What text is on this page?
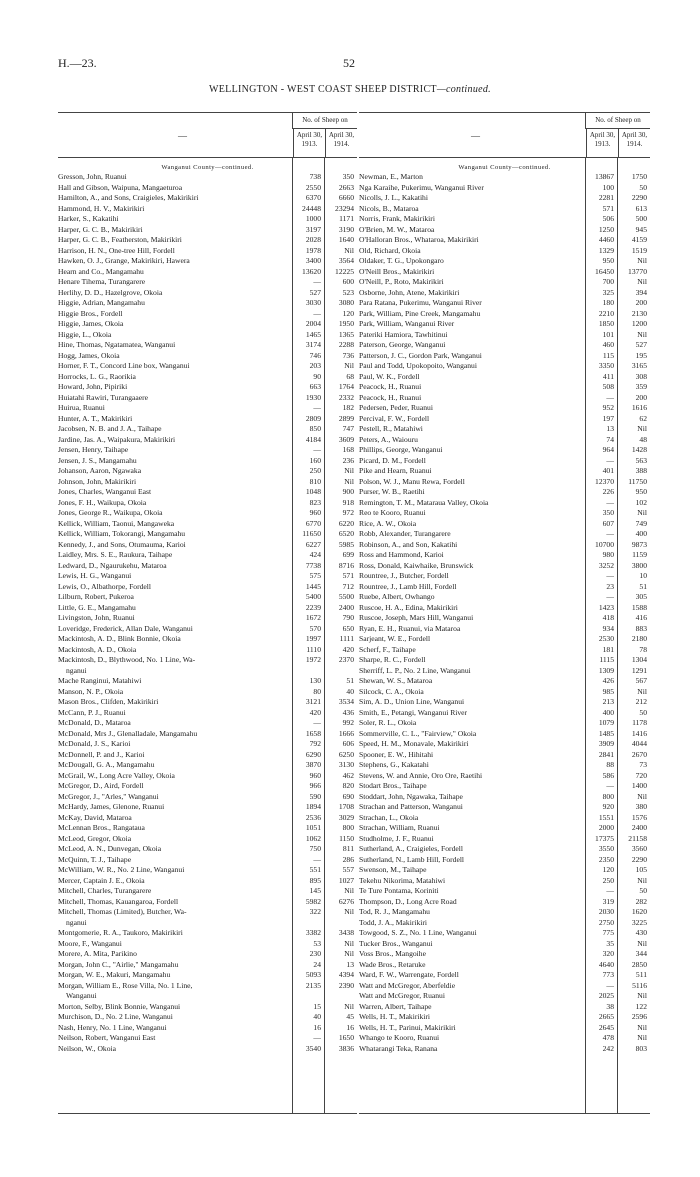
H.—23.	52
WELLINGTON - WEST COAST SHEEP DISTRICT—continued.
—
No. of Sheep on
April 30,
1913.
April 30,
1914.
Wanganui County—continued.
Gresson, John, Ruanui	738	350
Hall and Gibson, Waipuna, Mangaeturoa	2550	2663
Hamilton, A., and Sons, Craigieles, Makirikiri	6370	6660
Hammond, H. V., Makirikiri	24448	23294
Harker, S., Kakatihi	1000	1171
Harper, G. C. B., Makirikiri	3197	3190
Harper, G. C. B., Featherston, Makirikiri	2028	1640
Harrison, H. N., One-tree Hill, Fordell	1978	Nil
Hawken, O. J., Grange, Makirikiri, Hawera	3400	3564
Hearn and Co., Mangamahu	13620	12225
Henare Tihema, Turangarere	—	600
Herlihy, D. D., Hazelgrove, Okoia	527	523
Higgie, Adrian, Mangamahu	3030	3080
Higgie Bros., Fordell	—	120
Higgie, James, Okoia	2004	1950
Higgie, L., Okoia	1465	1365
Hine, Thomas, Ngatamatea, Wanganui	3174	2288
Hogg, James, Okoia	746	736
Horner, F. T., Concord Line box, Wanganui	203	Nil
Horrocks, L. G., Raorikia	90	68
Howard, John, Pipiriki	663	1764
Huiatahi Rawiri, Turangaaere	1930	2332
Huirua, Ruanui	—	182
Hunter, A. T., Makirikiri	2809	2899
Jacobsen, N. B. and J. A., Taihape	850	747
Jardine, Jas. A., Waipakura, Makirikiri	4184	3609
Jensen, Henry, Taihape	—	168
Jensen, J. S., Mangamahu	160	236
Johanson, Aaron, Ngawaka	250	Nil
Johnson, John, Makirikiri	810	Nil
Jones, Charles, Wanganui East	1048	900
Jones, F. H., Waikupa, Okoia	823	918
Jones, George R., Waikupa, Okoia	960	972
Kellick, William, Taonui, Mangaweka	6770	6220
Kellick, William, Tokorangi, Mangamahu	11650	6520
Kennedy, J., and Sons, Otumauma, Karioi	6227	5985
Laidley, Mrs. S. E., Raukura, Taihape	424	699
Ledward, D., Ngaurukehu, Mataroa	7738	8716
Lewis, H. G., Wanganui	575	571
Lewis, O., Albathorpe, Fordell	1445	712
Lilburn, Robert, Pukeroa	5400	5500
Little, G. E., Mangamahu	2239	2400
Livingston, John, Ruanui	1672	790
Loveridge, Frederick, Allan Dale, Wanganui	570	650
Mackintosh, A. D., Blink Bonnie, Okoia	1997	1111
Mackintosh, A. D., Okoia	1110	420
Mackintosh, D., Blythwood, No. 1 Line, Wa-	1972	2370
nganui
Mache Ranginui, Matahiwi	130	51
Manson, N. P., Okoia	80	40
Mason Bros., Clifden, Makirikiri	3121	3534
McCann, P. J., Ruanui	420	436
McDonald, D., Mataroa	—	992
McDonald, Mrs J., Glenalladale, Mangamahu	1658	1666
McDonald, J. S., Karioi	792	606
McDonnell, P. and J., Karioi	6290	6250
McDougall, G. A., Mangamahu	3870	3130
McGrail, W., Long Acre Valley, Okoia	960	462
McGregor, D., Aird, Fordell	966	820
McGregor, J., "Arles," Wanganui	590	690
McHardy, James, Glenone, Ruanui	1894	1708
McKay, David, Mataroa	2536	3029
McLennan Bros., Rangataua	1051	800
McLeod, Gregor, Okoia	1062	1150
McLeod, A. N., Dunvegan, Okoia	750	811
McQuinn, T. J., Taihape	—	286
McWilliam, W. R., No. 2 Line, Wanganui	551	557
Mercer, Captain J. E., Okoia	895	1027
Mitchell, Charles, Turangarere	145	Nil
Mitchell, Thomas, Kauangaroa, Fordell	5982	6276
Mitchell, Thomas (Limited), Butcher, Wa-	322	Nil
nganui
Montgomerie, R. A., Taukoro, Makirikiri	3382	3438
Moore, F., Wanganui	53	Nil
Morere, A. Mita, Parikino	230	Nil
Morgan, John C., "Airlie," Mangamahu	24	13
Morgan, W. E., Makuri, Mangamahu	5093	4394
Morgan, William E., Rose Villa, No. 1 Line,	2135	2390
Wanganui
Morton, Selby, Blink Bonnie, Wanganui	15	Nil
Murchison, D., No. 2 Line, Wanganui	40	45
Nash, Henry, No. 1 Line, Wanganui	16	16
Neilson, Robert, Wanganui East	—	1650
Neilson, W., Okoia	3540	3836
—
No. of Sheep on
April 30,
1913.
April 30,
1914.
Wanganui County—continued.
Newman, E., Marton	13867	1750
Nga Karaihe, Pukerimu, Wanganui River	100	50
Nicolls, J. L., Kakatihi	2281	2290
Nicols, B., Mataroa	571	613
Norris, Frank, Makirikiri	506	500
O'Brien, M. W., Mataroa	1250	945
O'Halloran Bros., Whataroa, Makirikiri	4460	4159
Old, Richard, Okoia	1329	1519
Oldaker, T. G., Upokongaro	950	Nil
O'Neill Bros., Makirikiri	16450	13770
O'Neill, P., Roto, Makirikiri	700	Nil
Osborne, John, Atene, Makirikiri	325	394
Para Ratana, Pukerimu, Wanganui River	180	200
Park, William, Pine Creek, Mangamahu	2210	2130
Park, William, Wanganui River	1850	1200
Pateriki Hamiora, Tawhitinui	101	Nil
Paterson, George, Wanganui	460	527
Patterson, J. C., Gordon Park, Wanganui	115	195
Paul and Todd, Upokopoito, Wanganui	3350	3165
Paul, W. K., Fordell	411	308
Peacock, H., Ruanui	508	359
Peacock, H., Ruanui	—	200
Pedersen, Peder, Ruanui	952	1616
Percival, F. W., Fordell	197	62
Pestell, R., Matahiwi	13	Nil
Peters, A., Waiouru	74	48
Phillips, George, Wanganui	964	1428
Picard, D. M., Fordell	—	563
Pike and Hearn, Ruanui	401	388
Polson, W. J., Manu Rewa, Fordell	12370	11750
Purser, W. B., Raetihi	226	950
Remington, T. M., Mataraua Valley, Okoia	—	102
Reo te Kooro, Ruanui	350	Nil
Rice, A. W., Okoia	607	749
Robb, Alexander, Turangarere	—	400
Robinson, A., and Son, Kakatihi	10700	9873
Ross and Hammond, Karioi	980	1159
Ross, Donald, Kaiwhaike, Brunswick	3252	3800
Rountree, J., Butcher, Fordell	—	10
Rountree, J., Lamb Hill, Fordell	23	51
Ruebe, Albert, Owhango	—	305
Ruscoe, H. A., Edina, Makirikiri	1423	1588
Ruscoe, Joseph, Mars Hill, Wanganui	418	416
Ryan, E. H., Ruanui, via Mataroa	934	883
Sarjeant, W. E., Fordell	2530	2180
Scherf, F., Taihape	181	78
Sharpe, R. C., Fordell	1115	1304
Sherriff, L. P., No. 2 Line, Wanganui	1309	1291
Shewan, W. S., Mataroa	426	567
Silcock, C. A., Okoia	985	Nil
Sim, A. D., Union Line, Wanganui	213	212
Smith, E., Petangi, Wanganui River	400	50
Soler, R. L., Okoia	1079	1178
Sommerville, C. L., "Fairview," Okoia	1485	1416
Speed, H. M., Monavale, Makirikiri	3909	4044
Spooner, E. W., Hihitahi	2841	2670
Stephens, G., Kakatahi	88	73
Stevens, W. and Annie, Oro Ore, Raetihi	586	720
Stodart Bros., Taihape	—	1400
Stoddart, John, Ngawaka, Taihape	800	Nil
Strachan and Patterson, Wanganui	920	380
Strachan, L., Okoia	1551	1576
Strachan, William, Ruanui	2000	2400
Studholme, J. F., Ruanui	17375	21158
Sutherland, A., Craigieles, Fordell	3550	3560
Sutherland, N., Lamb Hill, Fordell	2350	2290
Swenson, M., Taihape	120	105
Tekehu Nikorima, Matahiwi	250	Nil
Te Ture Pontama, Koriniti	—	50
Thompson, D., Long Acre Road	319	282
Tod, R. J., Mangamahu	2030	1620
Todd, J. A., Makirikiri	2750	3225
Towgood, S. Z., No. 1 Line, Wanganui	775	430
Tucker Bros., Wanganui	35	Nil
Voss Bros., Mangoihe	320	344
Wade Bros., Retaruke	4640	2850
Ward, F. W., Warrengate, Fordell	773	511
Watt and McGregor, Aberfeldie	—	5116
Watt and McGregor, Ruanui	2025	Nil
Warren, Albert, Taihape	38	122
Wells, H. T., Makirikiri	2665	2596
Wells, H. T., Parinui, Makirikiri	2645	Nil
Whango te Kooro, Ruanui	478	Nil
Whatarangi Teka, Ranana	242	803
